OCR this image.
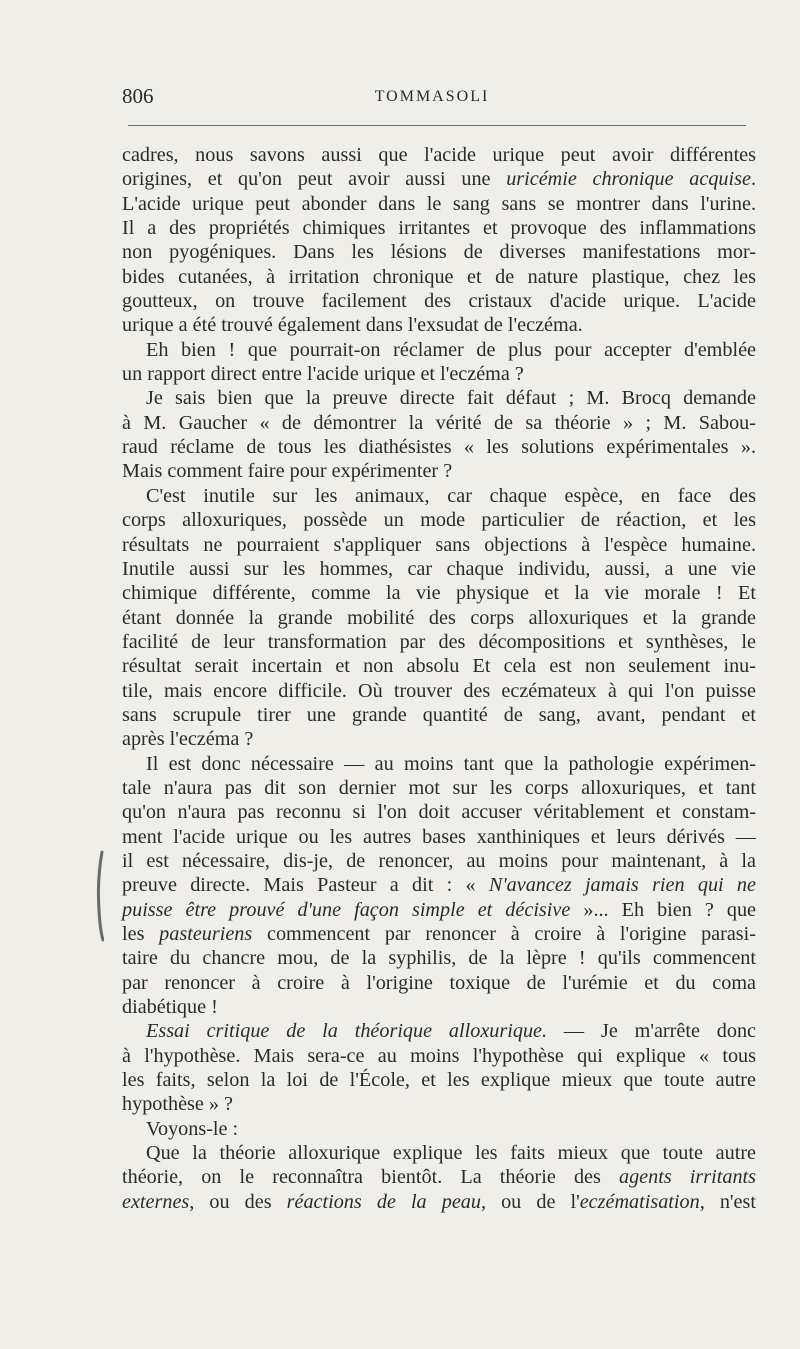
806	TOMMASOLI
cadres, nous savons aussi que l'acide urique peut avoir différentes
origines, et qu'on peut avoir aussi une uricémie chronique acquise.
L'acide urique peut abonder dans le sang sans se montrer dans l'urine.
Il a des propriétés chimiques irritantes et provoque des inflammations
non pyogéniques. Dans les lésions de diverses manifestations mor-
bides cutanées, à irritation chronique et de nature plastique, chez les
goutteux, on trouve facilement des cristaux d'acide urique. L'acide
urique a été trouvé également dans l'exsudat de l'eczéma.
Eh bien ! que pourrait-on réclamer de plus pour accepter d'emblée
un rapport direct entre l'acide urique et l'eczéma ?
Je sais bien que la preuve directe fait défaut ; M. Brocq demande
à M. Gaucher « de démontrer la vérité de sa théorie » ; M. Sabou-
raud réclame de tous les diathésistes « les solutions expérimentales ».
Mais comment faire pour expérimenter ?
C'est inutile sur les animaux, car chaque espèce, en face des
corps alloxuriques, possède un mode particulier de réaction, et les
résultats ne pourraient s'appliquer sans objections à l'espèce humaine.
Inutile aussi sur les hommes, car chaque individu, aussi, a une vie
chimique différente, comme la vie physique et la vie morale ! Et
étant donnée la grande mobilité des corps alloxuriques et la grande
facilité de leur transformation par des décompositions et synthèses, le
résultat serait incertain et non absolu Et cela est non seulement inu-
tile, mais encore difficile. Où trouver des eczémateux à qui l'on puisse
sans scrupule tirer une grande quantité de sang, avant, pendant et
après l'eczéma ?
Il est donc nécessaire — au moins tant que la pathologie expérimen-
tale n'aura pas dit son dernier mot sur les corps alloxuriques, et tant
qu'on n'aura pas reconnu si l'on doit accuser véritablement et constam-
ment l'acide urique ou les autres bases xanthiniques et leurs dérivés —
il est nécessaire, dis-je, de renoncer, au moins pour maintenant, à la
preuve directe. Mais Pasteur a dit : « N'avancez jamais rien qui ne
puisse être prouvé d'une façon simple et décisive »... Eh bien ? que
les pasteuriens commencent par renoncer à croire à l'origine parasi-
taire du chancre mou, de la syphilis, de la lèpre ! qu'ils commencent
par renoncer à croire à l'origine toxique de l'urémie et du coma
diabétique !
Essai critique de la théorique alloxurique. — Je m'arrête donc
à l'hypothèse. Mais sera-ce au moins l'hypothèse qui explique « tous
les faits, selon la loi de l'École, et les explique mieux que toute autre
hypothèse » ?
Voyons-le :
Que la théorie alloxurique explique les faits mieux que toute autre
théorie, on le reconnaîtra bientôt. La théorie des agents irritants
externes, ou des réactions de la peau, ou de l'eczématisation, n'est
